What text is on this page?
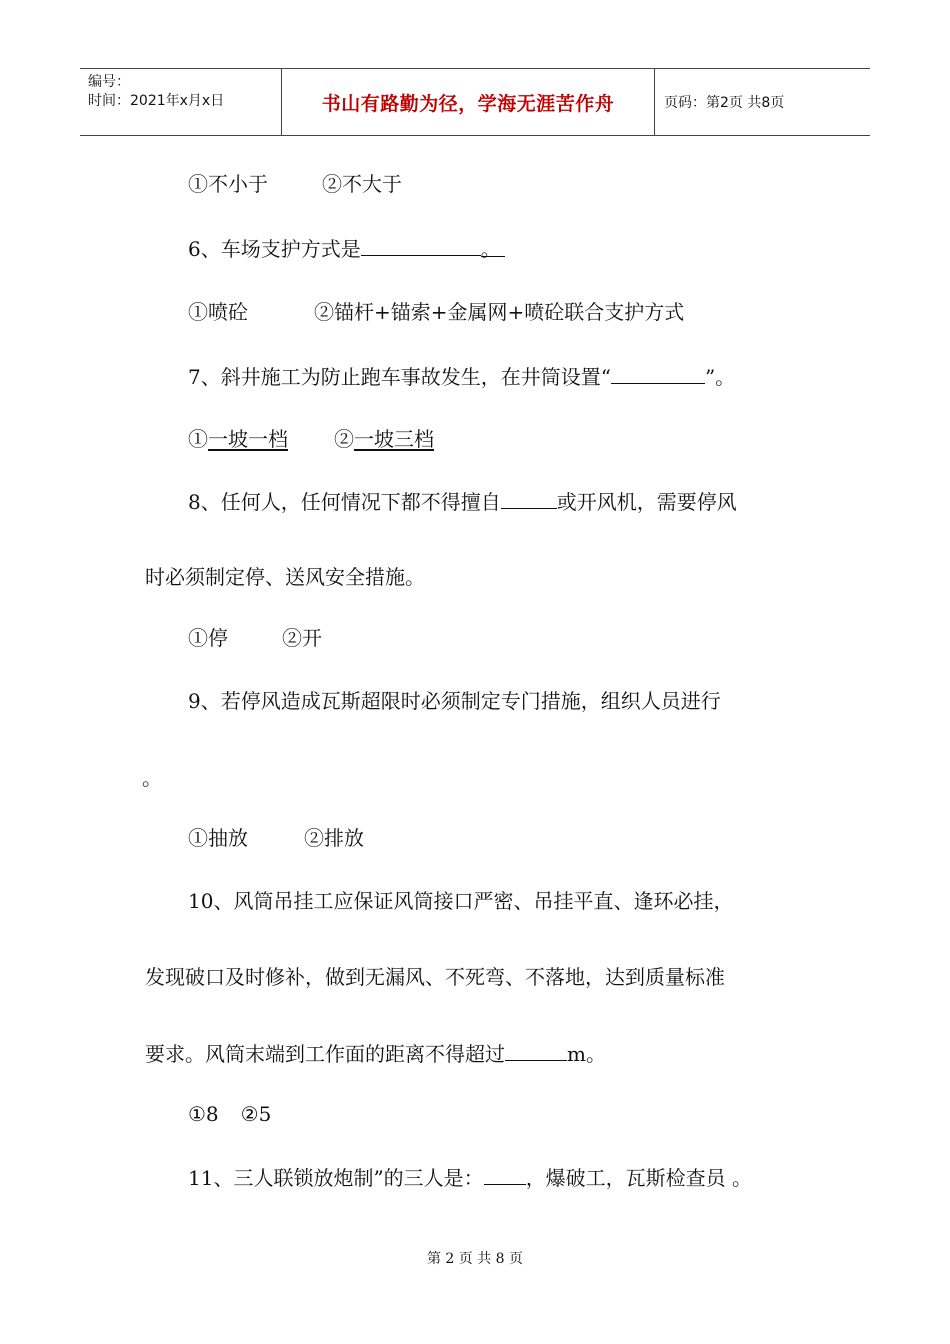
编号：
时间：2021年x月x日	书山有路勤为径，学海无涯苦作舟	页码：第2页 共8页
①不小于	②不大于
6、车场支护方式是	。
①喷砼	②锚杆+锚索+金属网+喷砼联合支护方式
7、斜井施工为防止跑车事故发生，在井筒设置“	”。
①一坡一档 ②一坡三档
8、任何人，任何情况下都不得擅自	或开风机，需要停风
时必须制定停、送风安全措施。
①停	②开
9、若停风造成瓦斯超限时必须制定专门措施，组织人员进行
。
①抽放	②排放
10、风筒吊挂工应保证风筒接口严密、吊挂平直、逢环必挂，
发现破口及时修补，做到无漏风、不死弯、不落地，达到质量标准
要求。风筒末端到工作面的距离不得超过	m。
①8 ②5
11、三人联锁放炮制”的三人是： ，爆破工，瓦斯检查员 。
第 2 页 共 8 页
